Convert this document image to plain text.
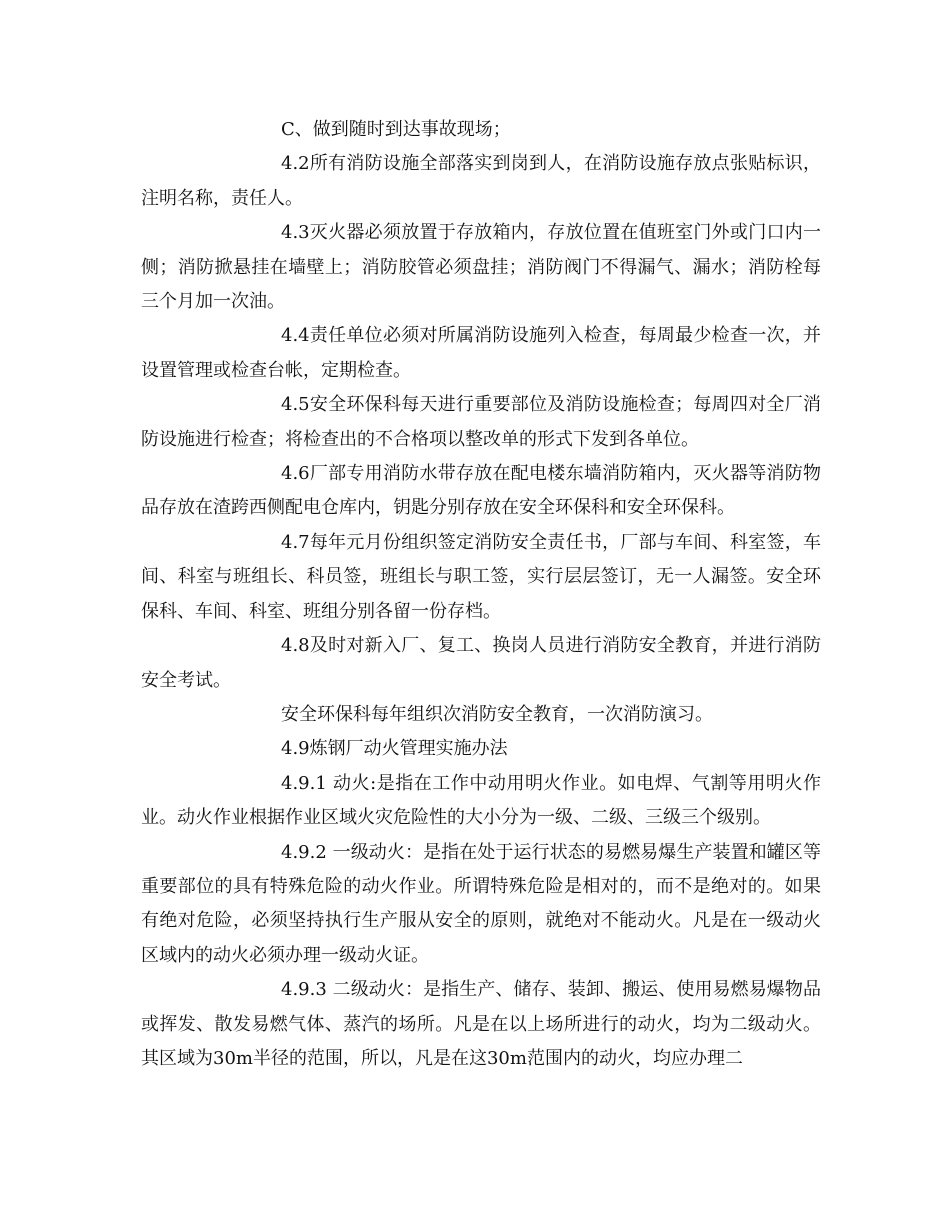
C、做到随时到达事故现场；

4.2所有消防设施全部落实到岗到人，在消防设施存放点张贴标识，注明名称，责任人。

4.3灭火器必须放置于存放箱内，存放位置在值班室门外或门口内一侧；消防掀悬挂在墙壁上；消防胶管必须盘挂；消防阀门不得漏气、漏水；消防栓每三个月加一次油。

4.4责任单位必须对所属消防设施列入检查，每周最少检查一次，并设置管理或检查台帐，定期检查。

4.5安全环保科每天进行重要部位及消防设施检查；每周四对全厂消防设施进行检查；将检查出的不合格项以整改单的形式下发到各单位。

4.6厂部专用消防水带存放在配电楼东墙消防箱内，灭火器等消防物品存放在渣跨西侧配电仓库内，钥匙分别存放在安全环保科和安全环保科。

4.7每年元月份组织签定消防安全责任书，厂部与车间、科室签，车间、科室与班组长、科员签，班组长与职工签，实行层层签订，无一人漏签。安全环保科、车间、科室、班组分别各留一份存档。

4.8及时对新入厂、复工、换岗人员进行消防安全教育，并进行消防安全考试。

安全环保科每年组织次消防安全教育，一次消防演习。

4.9炼钢厂动火管理实施办法

4.9.1 动火:是指在工作中动用明火作业。如电焊、气割等用明火作业。动火作业根据作业区域火灾危险性的大小分为一级、二级、三级三个级别。

4.9.2 一级动火：是指在处于运行状态的易燃易爆生产装置和罐区等重要部位的具有特殊危险的动火作业。所谓特殊危险是相对的，而不是绝对的。如果有绝对危险，必须坚持执行生产服从安全的原则，就绝对不能动火。凡是在一级动火区域内的动火必须办理一级动火证。

4.9.3 二级动火：是指生产、储存、装卸、搬运、使用易燃易爆物品或挥发、散发易燃气体、蒸汽的场所。凡是在以上场所进行的动火，均为二级动火。其区域为30m半径的范围，所以，凡是在这30m范围内的动火，均应办理二
